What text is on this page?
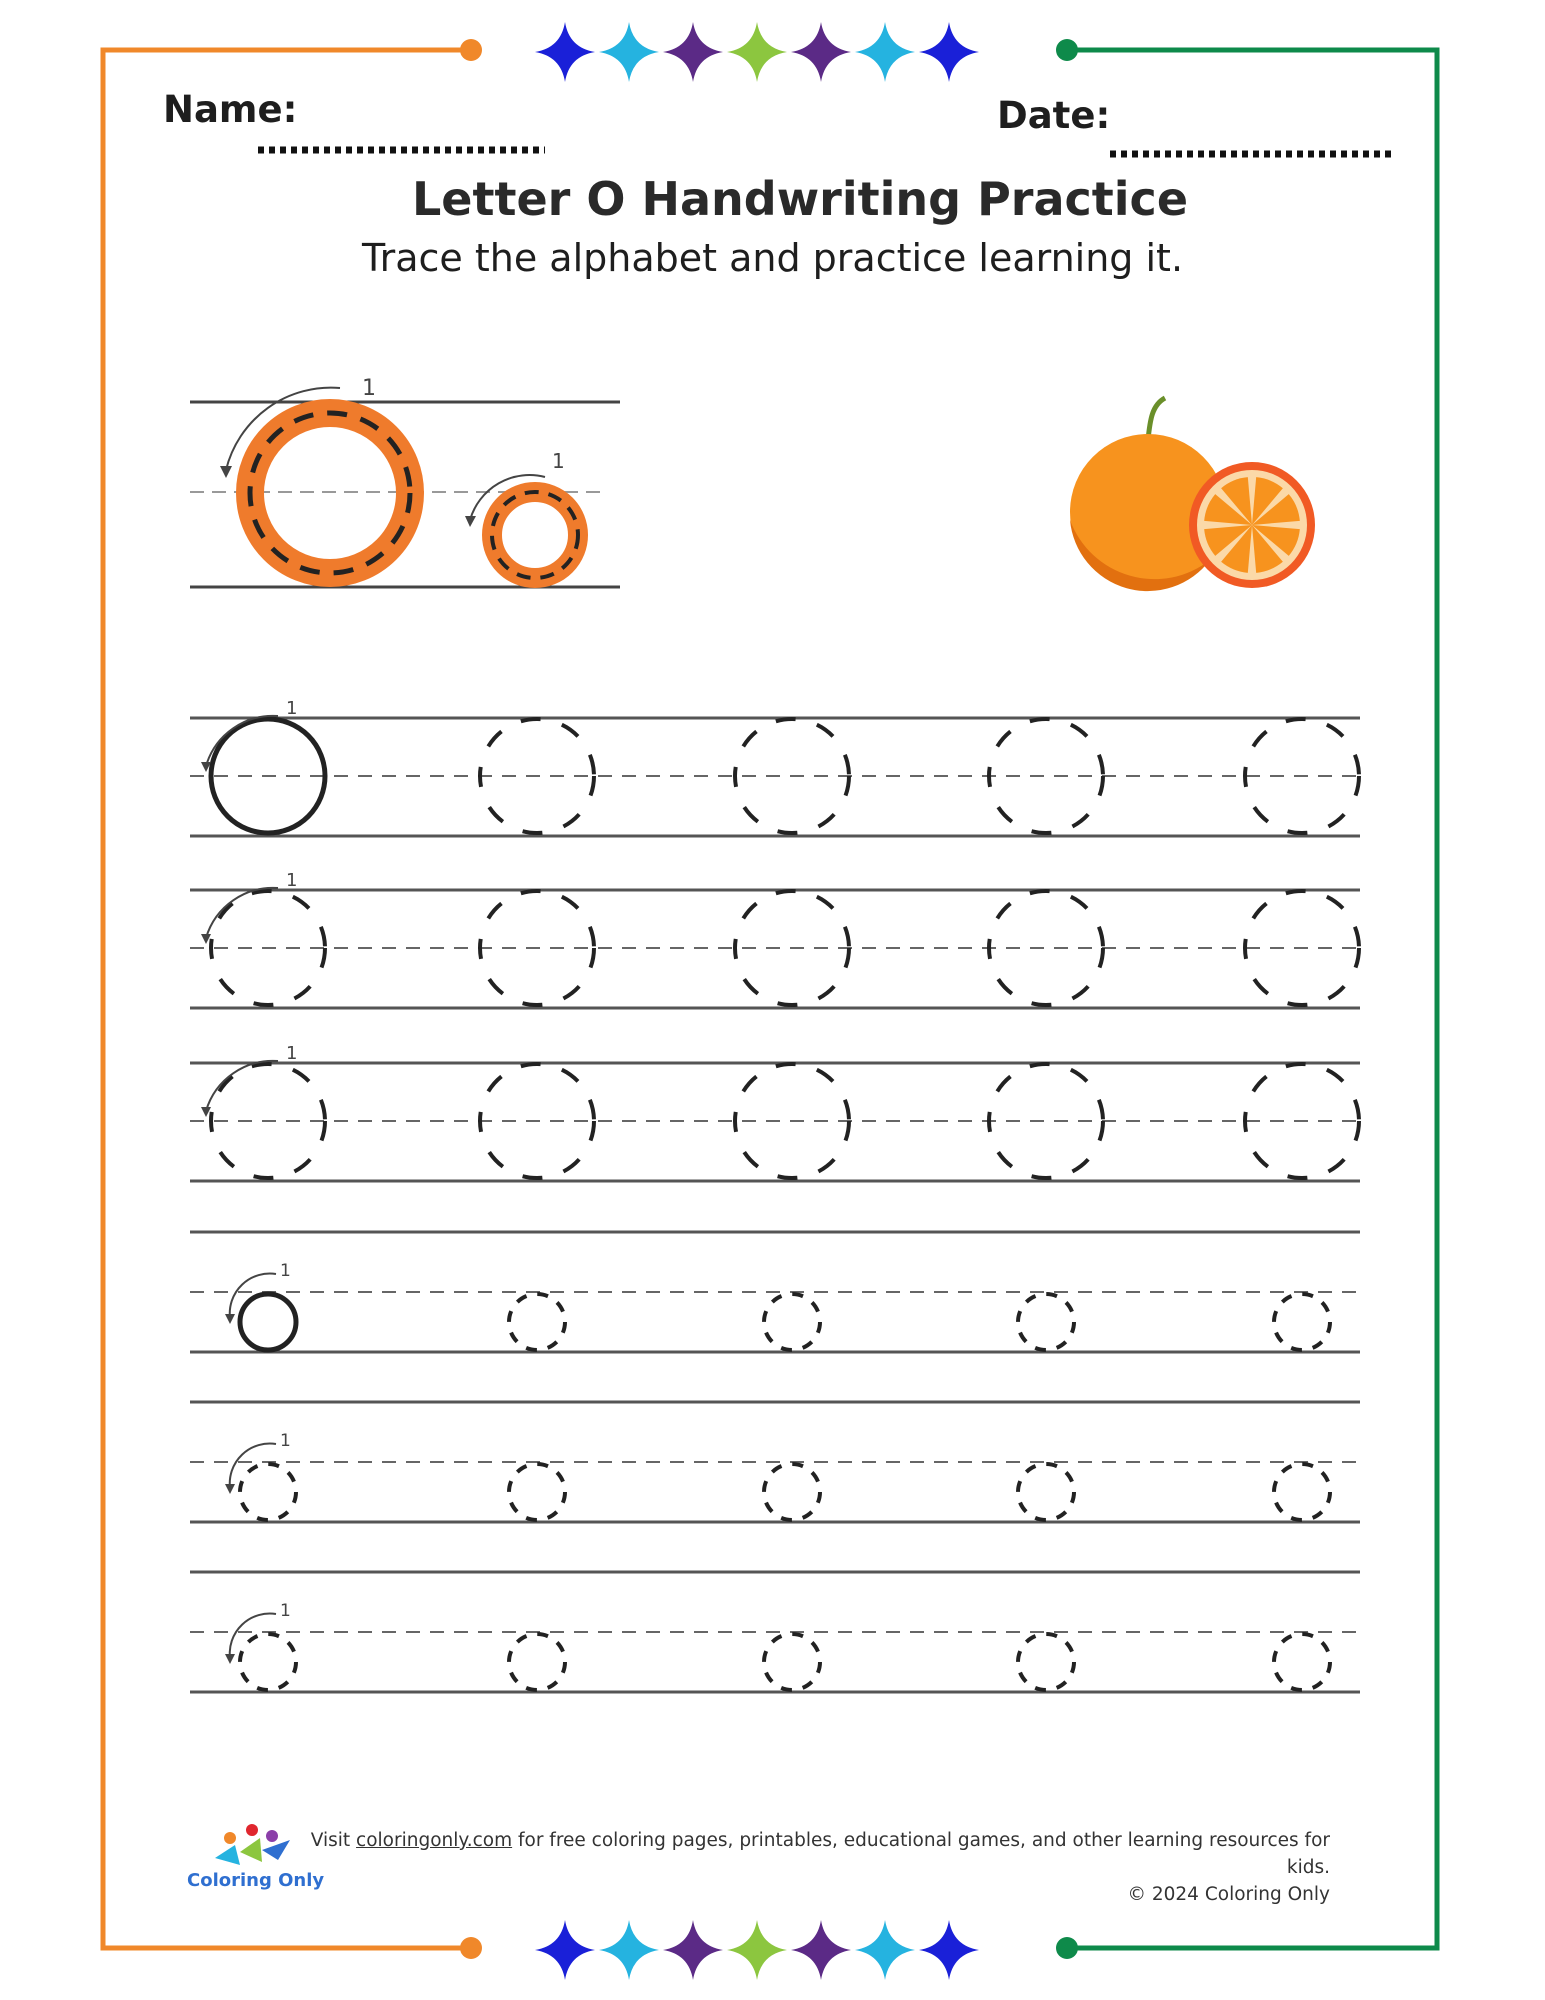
1
1
1
1
1
1
1
1
Name:	Date:
Letter O Handwriting Practice
Trace the alphabet and practice learning it.
Visit coloringonly.com for free coloring pages, printables, educational games, and other learning resources for kids.
© 2024 Coloring Only
Coloring Only
